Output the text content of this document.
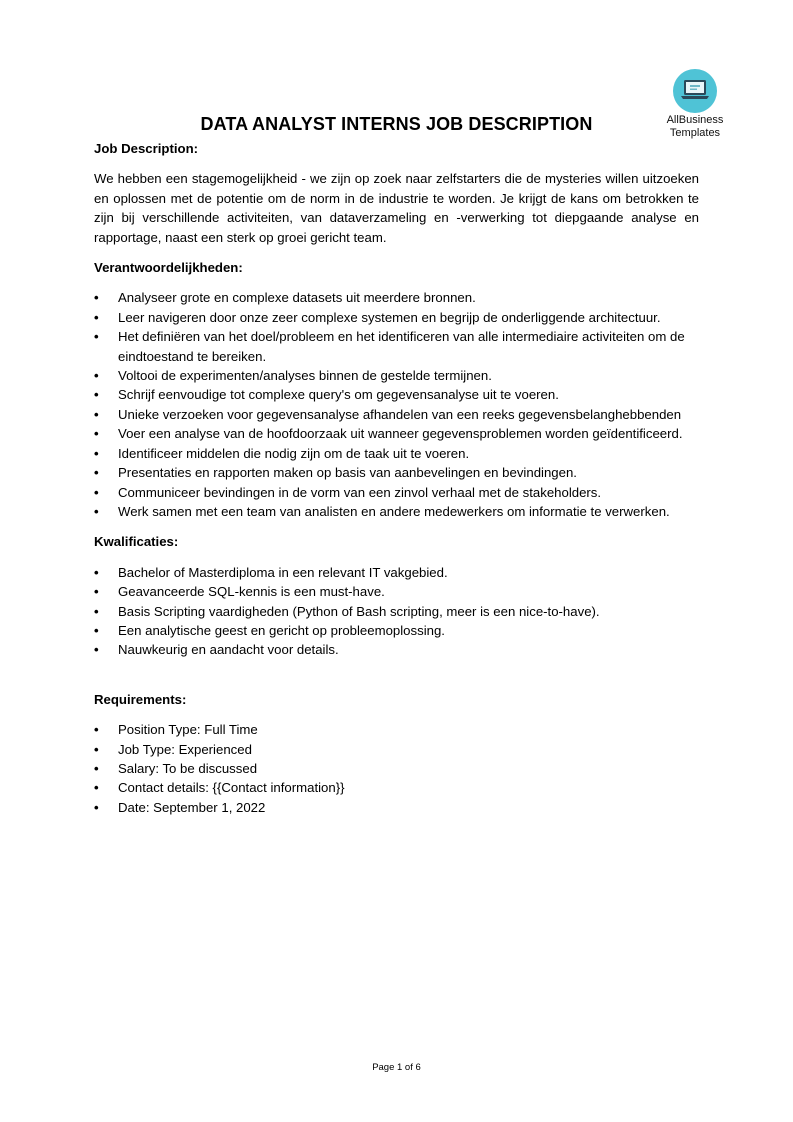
AllBusiness
Templates
DATA ANALYST INTERNS JOB DESCRIPTION

Job Description:

We hebben een stagemogelijkheid - we zijn op zoek naar zelfstarters die de mysteries willen uitzoeken en oplossen met de potentie om de norm in de industrie te worden. Je krijgt de kans om betrokken te zijn bij verschillende activiteiten, van dataverzameling en -verwerking tot diepgaande analyse en rapportage, naast een sterk op groei gericht team.

Verantwoordelijkheden:

• Analyseer grote en complexe datasets uit meerdere bronnen.
• Leer navigeren door onze zeer complexe systemen en begrijp de onderliggende architectuur.
• Het definiëren van het doel/probleem en het identificeren van alle intermediaire activiteiten om de eindtoestand te bereiken.
• Voltooi de experimenten/analyses binnen de gestelde termijnen.
• Schrijf eenvoudige tot complexe query's om gegevensanalyse uit te voeren.
• Unieke verzoeken voor gegevensanalyse afhandelen van een reeks gegevensbelanghebbenden
• Voer een analyse van de hoofdoorzaak uit wanneer gegevensproblemen worden geïdentificeerd.
• Identificeer middelen die nodig zijn om de taak uit te voeren.
• Presentaties en rapporten maken op basis van aanbevelingen en bevindingen.
• Communiceer bevindingen in de vorm van een zinvol verhaal met de stakeholders.
• Werk samen met een team van analisten en andere medewerkers om informatie te verwerken.

Kwalificaties:

• Bachelor of Masterdiploma in een relevant IT vakgebied.
• Geavanceerde SQL-kennis is een must-have.
• Basis Scripting vaardigheden (Python of Bash scripting, meer is een nice-to-have).
• Een analytische geest en gericht op probleemoplossing.
• Nauwkeurig en aandacht voor details.

Requirements:

• Position Type: Full Time
• Job Type: Experienced
• Salary: To be discussed
• Contact details: {{Contact information}}
• Date: September 1, 2022
Page 1 of 6
